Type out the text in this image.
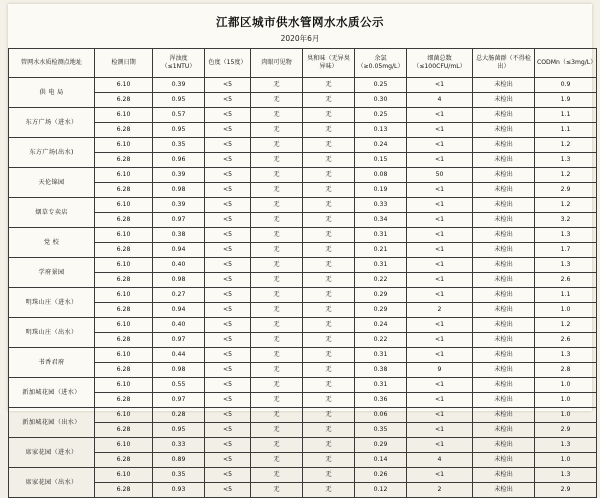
江都区城市供水管网水水质公示
2020年6月
管网水水质检测点地址	检测日期	浑浊度（≤1NTU）	色度（15度）	肉眼可见物	臭和味（无异臭异味）	余氯（≥0.05mg/L）	细菌总数（≤100CFU/mL）	总大肠菌群（不得检出）	CODMn（≤3mg/L）
供 电 局	6.10	0.39	<5	无	无	0.25	<1	未检出	0.9
	6.28	0.95	<5	无	无	0.30	4	未检出	1.9
东方广场（进水）	6.10	0.57	<5	无	无	0.25	<1	未检出	1.1
	6.28	0.95	<5	无	无	0.13	<1	未检出	1.1
东方广场(出水)	6.10	0.35	<5	无	无	0.24	<1	未检出	1.2
	6.28	0.96	<5	无	无	0.15	<1	未检出	1.3
天伦锦园	6.10	0.39	<5	无	无	0.08	50	未检出	1.2
	6.28	0.98	<5	无	无	0.19	<1	未检出	2.9
烟草专卖店	6.10	0.39	<5	无	无	0.33	<1	未检出	1.2
	6.28	0.97	<5	无	无	0.34	<1	未检出	3.2
党 校	6.10	0.38	<5	无	无	0.31	<1	未检出	1.3
	6.28	0.94	<5	无	无	0.21	<1	未检出	1.7
学府景园	6.10	0.40	<5	无	无	0.31	<1	未检出	1.3
	6.28	0.98	<5	无	无	0.22	<1	未检出	2.6
明珠山庄（进水）	6.10	0.27	<5	无	无	0.29	<1	未检出	1.1
	6.28	0.94	<5	无	无	0.29	2	未检出	1.0
明珠山庄（出水）	6.10	0.40	<5	无	无	0.24	<1	未检出	1.2
	6.28	0.97	<5	无	无	0.22	<1	未检出	2.6
书香君府	6.10	0.44	<5	无	无	0.31	<1	未检出	1.3
	6.28	0.98	<5	无	无	0.38	9	未检出	2.8
新加城花园（进水）	6.10	0.55	<5	无	无	0.31	<1	未检出	1.0
	6.28	0.97	<5	无	无	0.36	<1	未检出	1.0
新加城花园（出水）	6.10	0.28	<5	无	无	0.06	<1	未检出	1.0
	6.28	0.95	<5	无	无	0.35	<1	未检出	2.9
席家花园（进水）	6.10	0.33	<5	无	无	0.29	<1	未检出	1.3
	6.28	0.89	<5	无	无	0.14	4	未检出	1.0
席家花园（出水）	6.10	0.35	<5	无	无	0.26	<1	未检出	1.3
	6.28	0.93	<5	无	无	0.12	2	未检出	2.9
